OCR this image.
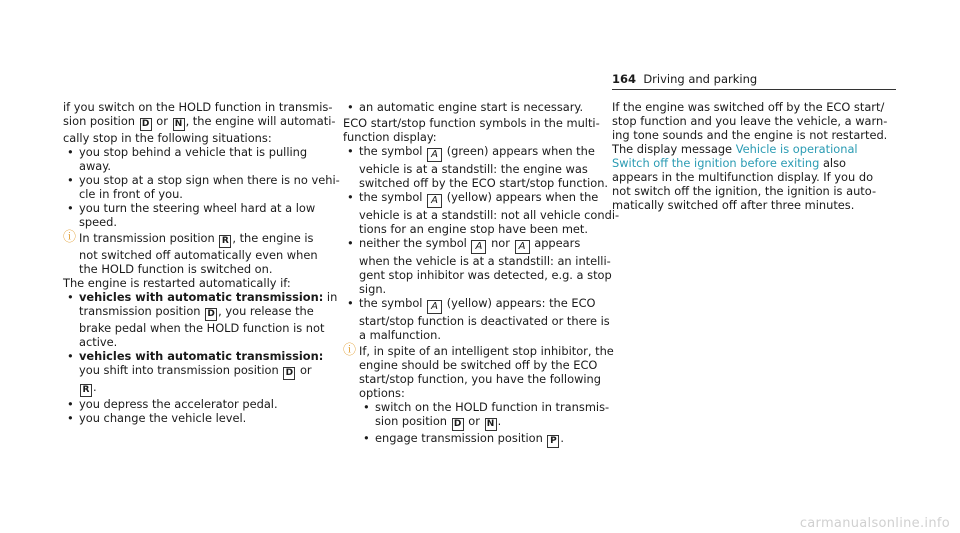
164 Driving and parking
if you switch on the HOLD function in transmis-
sion position D or N , the engine will automati-
cally stop in the following situations:
• you stop behind a vehicle that is pulling
away.
• you stop at a stop sign when there is no vehi-
cle in front of you.
• you turn the steering wheel hard at a low
speed.
ⓘ In transmission position R , the engine is
not switched off automatically even when
the HOLD function is switched on.
The engine is restarted automatically if:
• vehicles with automatic transmission: in
transmission position D , you release the
brake pedal when the HOLD function is not
active.
• vehicles with automatic transmission:
you shift into transmission position D or
R .
• you depress the accelerator pedal.
• you change the vehicle level.
• an automatic engine start is necessary.
ECO start/stop function symbols in the multi-
function display:
• the symbol A (green) appears when the
vehicle is at a standstill: the engine was
switched off by the ECO start/stop function.
• the symbol A (yellow) appears when the
vehicle is at a standstill: not all vehicle condi-
tions for an engine stop have been met.
• neither the symbol A nor A appears
when the vehicle is at a standstill: an intelli-
gent stop inhibitor was detected, e.g. a stop
sign.
• the symbol A (yellow) appears: the ECO
start/stop function is deactivated or there is
a malfunction.
ⓘ If, in spite of an intelligent stop inhibitor, the
engine should be switched off by the ECO
start/stop function, you have the following
options:
• switch on the HOLD function in transmis-
sion position D or N .
• engage transmission position P .
If the engine was switched off by the ECO start/
stop function and you leave the vehicle, a warn-
ing tone sounds and the engine is not restarted.
The display message Vehicle is operational
Switch off the ignition before exiting also
appears in the multifunction display. If you do
not switch off the ignition, the ignition is auto-
matically switched off after three minutes.
carmanualsonline.info
